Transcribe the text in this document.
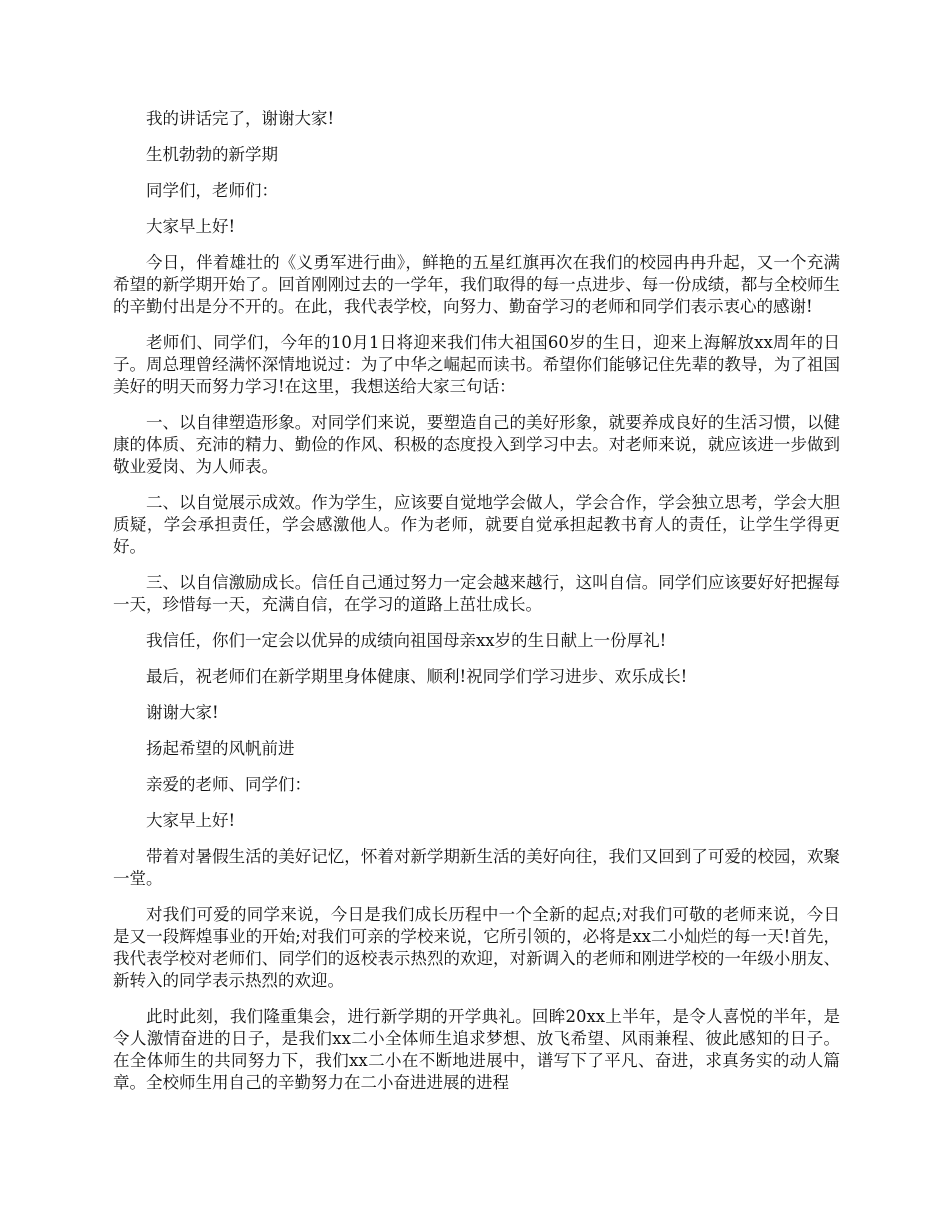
我的讲话完了，谢谢大家!

生机勃勃的新学期

同学们，老师们：

大家早上好!

今日，伴着雄壮的《义勇军进行曲》，鲜艳的五星红旗再次在我们的校园冉冉升起，又一个充满希望的新学期开始了。回首刚刚过去的一学年，我们取得的每一点进步、每一份成绩，都与全校师生的辛勤付出是分不开的。在此，我代表学校，向努力、勤奋学习的老师和同学们表示衷心的感谢!

老师们、同学们，今年的10月1日将迎来我们伟大祖国60岁的生日，迎来上海解放xx周年的日子。周总理曾经满怀深情地说过：为了中华之崛起而读书。希望你们能够记住先辈的教导，为了祖国美好的明天而努力学习!在这里，我想送给大家三句话：

一、以自律塑造形象。对同学们来说，要塑造自己的美好形象，就要养成良好的生活习惯，以健康的体质、充沛的精力、勤俭的作风、积极的态度投入到学习中去。对老师来说，就应该进一步做到敬业爱岗、为人师表。

二、以自觉展示成效。作为学生，应该要自觉地学会做人，学会合作，学会独立思考，学会大胆质疑，学会承担责任，学会感激他人。作为老师，就要自觉承担起教书育人的责任，让学生学得更好。

三、以自信激励成长。信任自己通过努力一定会越来越行，这叫自信。同学们应该要好好把握每一天，珍惜每一天，充满自信，在学习的道路上茁壮成长。

我信任，你们一定会以优异的成绩向祖国母亲xx岁的生日献上一份厚礼!

最后，祝老师们在新学期里身体健康、顺利!祝同学们学习进步、欢乐成长!

谢谢大家!

扬起希望的风帆前进

亲爱的老师、同学们：

大家早上好!

带着对暑假生活的美好记忆，怀着对新学期新生活的美好向往，我们又回到了可爱的校园，欢聚一堂。

对我们可爱的同学来说，今日是我们成长历程中一个全新的起点;对我们可敬的老师来说，今日是又一段辉煌事业的开始;对我们可亲的学校来说，它所引领的，必将是xx二小灿烂的每一天!首先，我代表学校对老师们、同学们的返校表示热烈的欢迎，对新调入的老师和刚进学校的一年级小朋友、新转入的同学表示热烈的欢迎。

此时此刻，我们隆重集会，进行新学期的开学典礼。回眸20xx上半年，是令人喜悦的半年，是令人激情奋进的日子，是我们xx二小全体师生追求梦想、放飞希望、风雨兼程、彼此感知的日子。在全体师生的共同努力下，我们xx二小在不断地进展中，谱写下了平凡、奋进，求真务实的动人篇章。全校师生用自己的辛勤努力在二小奋进进展的进程
